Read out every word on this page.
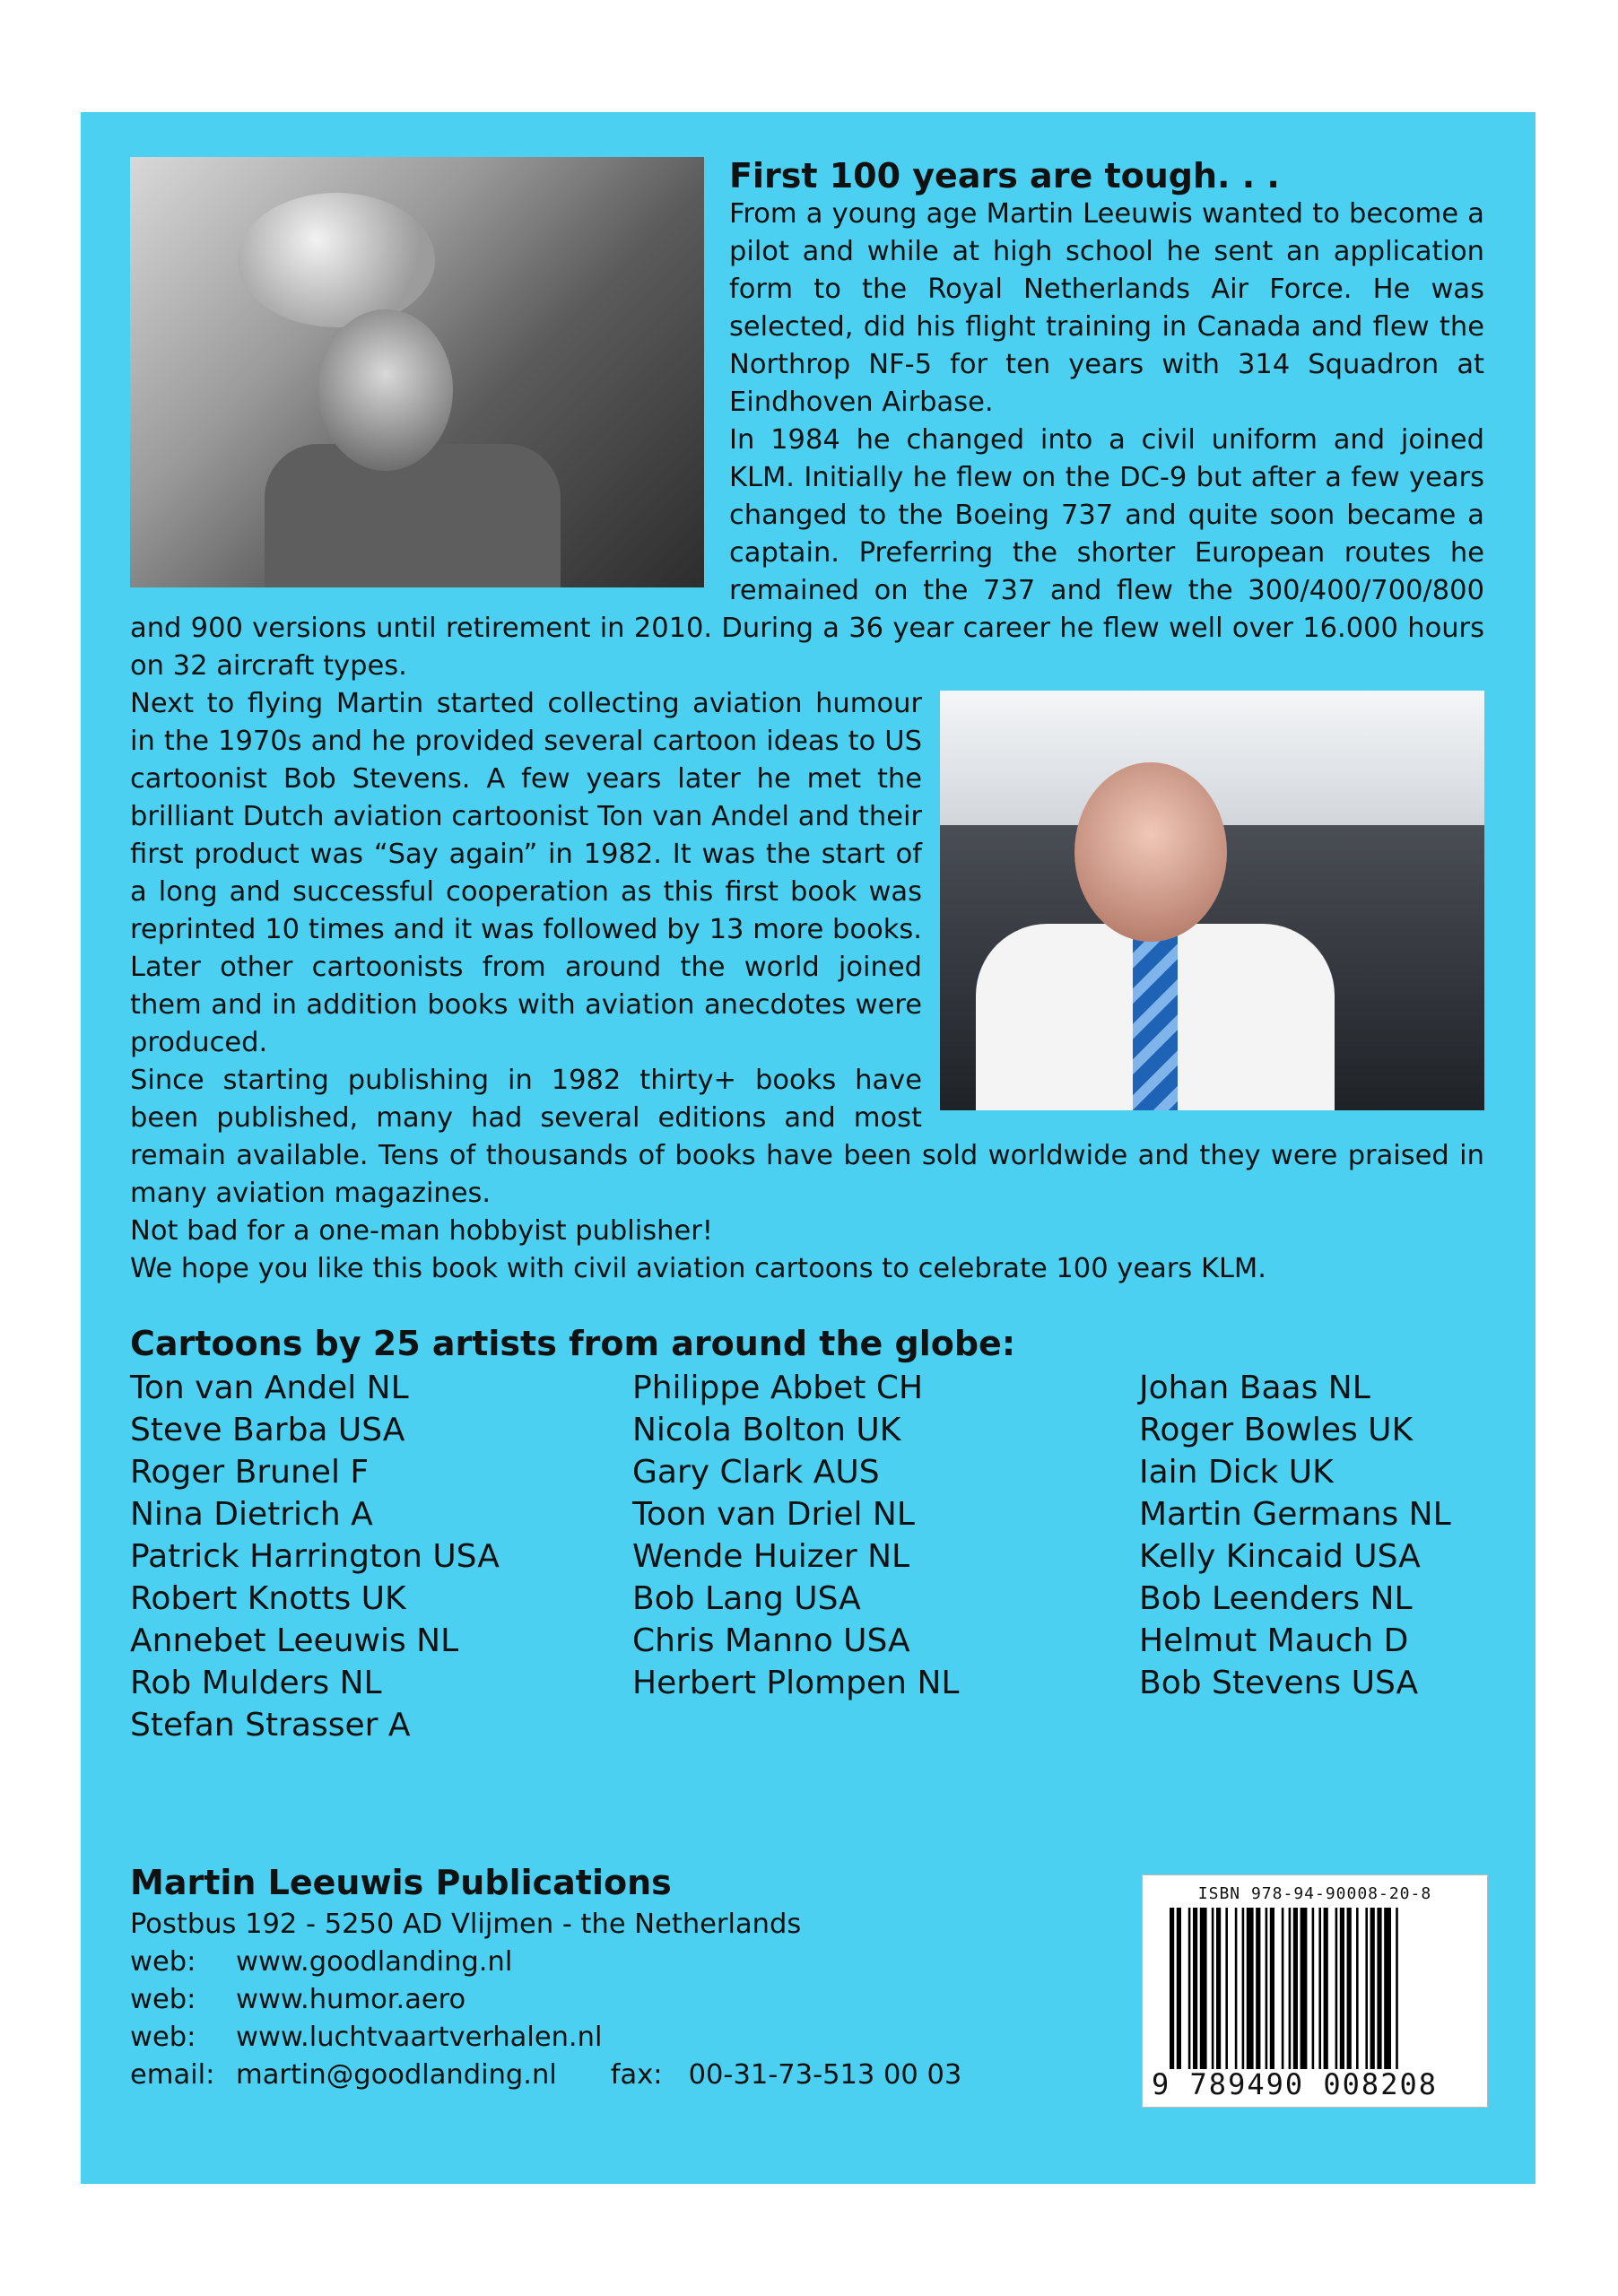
First 100 years are tough. . .

From a young age Martin Leeuwis wanted to become a pilot and while at high school he sent an application form to the Royal Netherlands Air Force. He was selected, did his flight training in Canada and flew the Northrop NF-5 for ten years with 314 Squadron at Eindhoven Airbase.

In 1984 he changed into a civil uniform and joined KLM. Initially he flew on the DC-9 but after a few years changed to the Boeing 737 and quite soon became a captain. Preferring the shorter European routes he remained on the 737 and flew the 300/400/700/800 and 900 versions until retirement in 2010. During a 36 year career he flew well over 16.000 hours on 32 aircraft types.

Next to flying Martin started collecting aviation humour in the 1970s and he provided several cartoon ideas to US cartoonist Bob Stevens. A few years later he met the brilliant Dutch aviation cartoonist Ton van Andel and their first product was “Say again” in 1982. It was the start of a long and successful cooperation as this first book was reprinted 10 times and it was followed by 13 more books. Later other cartoonists from around the world joined them and in addition books with aviation anecdotes were produced.

Since starting publishing in 1982 thirty+ books have been published, many had several editions and most remain available. Tens of thousands of books have been sold worldwide and they were praised in many aviation magazines.

Not bad for a one-man hobbyist publisher!

We hope you like this book with civil aviation cartoons to celebrate 100 years KLM.

Cartoons by 25 artists from around the globe:
Ton van Andel NL
Steve Barba USA
Roger Brunel F
Nina Dietrich A
Patrick Harrington USA
Robert Knotts UK
Annebet Leeuwis NL
Rob Mulders NL
Stefan Strasser A
Philippe Abbet CH
Nicola Bolton UK
Gary Clark AUS
Toon van Driel NL
Wende Huizer NL
Bob Lang USA
Chris Manno USA
Herbert Plompen NL
Johan Baas NL
Roger Bowles UK
Iain Dick UK
Martin Germans NL
Kelly Kincaid USA
Bob Leenders NL
Helmut Mauch D
Bob Stevens USA
Martin Leeuwis Publications
Postbus 192 - 5250 AD Vlijmen - the Netherlands
web: www.goodlanding.nl
web: www.humor.aero
web: www.luchtvaartverhalen.nl
email: martin@goodlanding.nl fax: 00-31-73-513 00 03
ISBN 978-94-90008-20-8
9 789490 008208
